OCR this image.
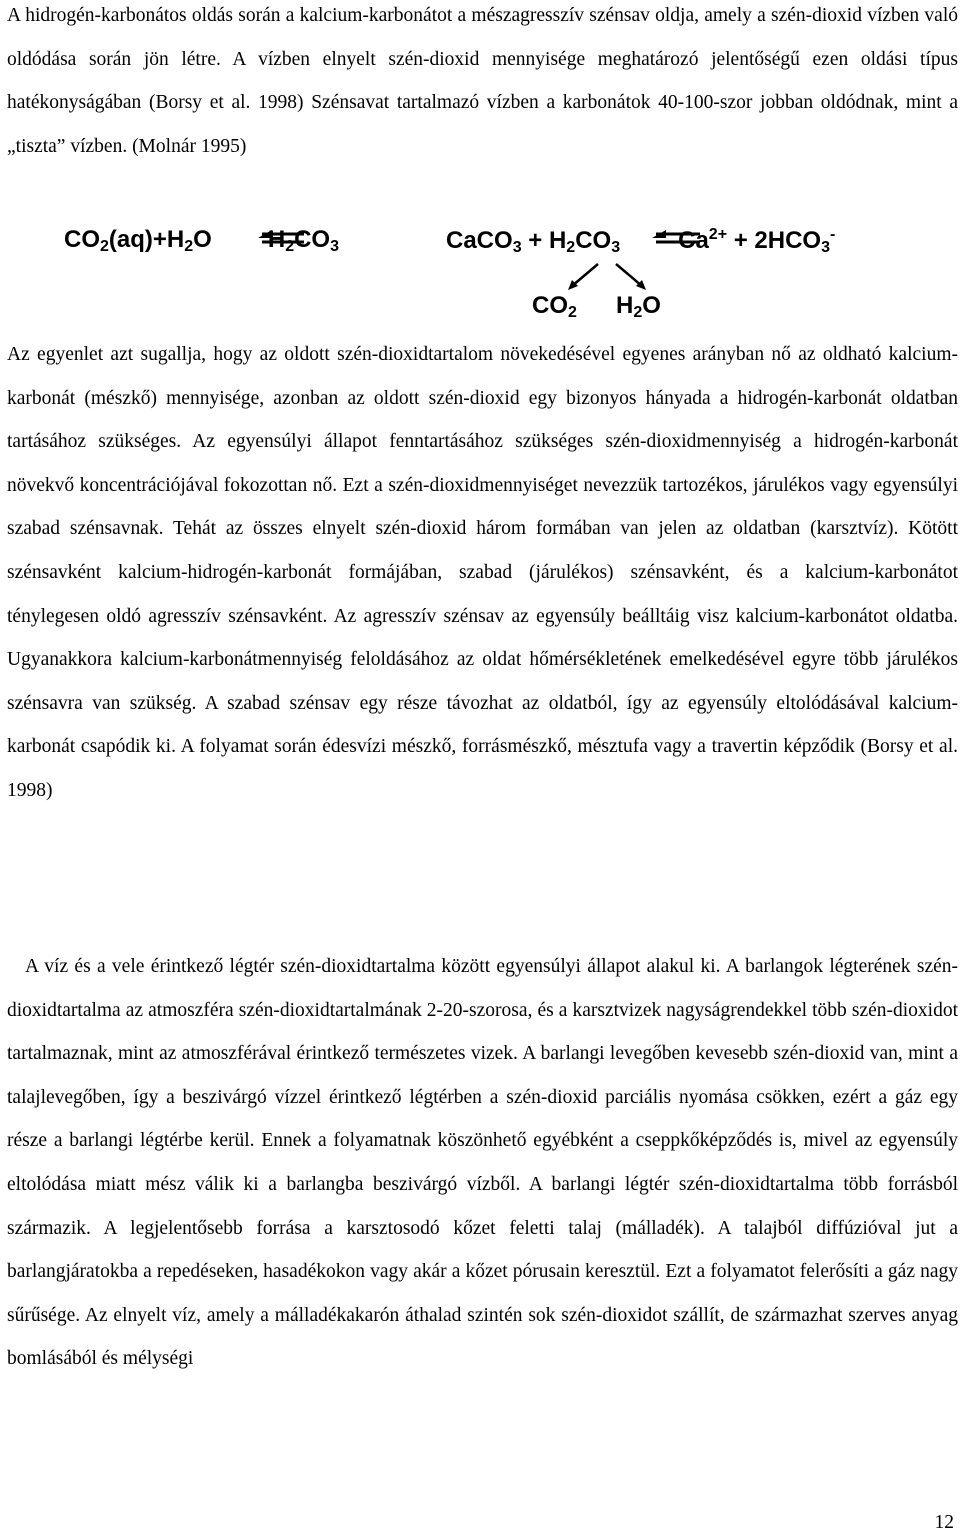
A hidrogén-karbonátos oldás során a kalcium-karbonátot a mészagresszív szénsav oldja, amely a szén-dioxid vízben való oldódása során jön létre. A vízben elnyelt szén-dioxid mennyisége meghatározó jelentőségű ezen oldási típus hatékonyságában (Borsy et al. 1998) Szénsavat tartalmazó vízben a karbonátok 40-100-szor jobban oldódnak, mint a „tiszta” vízben. (Molnár 1995)

$CO_2(aq)+H_2O$ $H_2CO_3$	CaCO$_3$ + $H_2CO_3$ $Ca^{2+} + 2HCO_3^-$
$CO_2$ $H_2O$

Az egyenlet azt sugallja, hogy az oldott szén-dioxidtartalom növekedésével egyenes arányban nő az oldható kalcium-karbonát (mészkő) mennyisége, azonban az oldott szén-dioxid egy bizonyos hányada a hidrogén-karbonát oldatban tartásához szükséges. Az egyensúlyi állapot fenntartásához szükséges szén-dioxidmennyiség a hidrogén-karbonát növekvő koncentrációjával fokozottan nő. Ezt a szén-dioxidmennyiséget nevezzük tartozékos, járulékos vagy egyensúlyi szabad szénsavnak. Tehát az összes elnyelt szén-dioxid három formában van jelen az oldatban (karsztvíz). Kötött szénsavként kalcium-hidrogén-karbonát formájában, szabad (járulékos) szénsavként, és a kalcium-karbonátot ténylegesen oldó agresszív szénsavként. Az agresszív szénsav az egyensúly beálltáig visz kalcium-karbonátot oldatba. Ugyanakkora kalcium-karbonátmennyiség feloldásához az oldat hőmérsékletének emelkedésével egyre több járulékos szénsavra van szükség. A szabad szénsav egy része távozhat az oldatból, így az egyensúly eltolódásával kalcium-karbonát csapódik ki. A folyamat során édesvízi mészkő, forrásmészkő, mésztufa vagy a travertin képződik (Borsy et al. 1998)

A víz és a vele érintkező légtér szén-dioxidtartalma között egyensúlyi állapot alakul ki. A barlangok légterének szén-dioxidtartalma az atmoszféra szén-dioxidtartalmának 2-20-szorosa, és a karsztvizek nagyságrendekkel több szén-dioxidot tartalmaznak, mint az atmoszférával érintkező természetes vizek. A barlangi levegőben kevesebb szén-dioxid van, mint a talajlevegőben, így a beszivárgó vízzel érintkező légtérben a szén-dioxid parciális nyomása csökken, ezért a gáz egy része a barlangi légtérbe kerül. Ennek a folyamatnak köszönhető egyébként a cseppkőképződés is, mivel az egyensúly eltolódása miatt mész válik ki a barlangba beszivárgó vízből. A barlangi légtér szén-dioxidtartalma több forrásból származik. A legjelentősebb forrása a karsztosodó kőzet feletti talaj (málladék). A talajból diffúzióval jut a barlangjáratokba a repedéseken, hasadékokon vagy akár a kőzet pórusain keresztül. Ezt a folyamatot felerősíti a gáz nagy sűrűsége. Az elnyelt víz, amely a málladékakarón áthalad szintén sok szén-dioxidot szállít, de származhat szerves anyag bomlásából és mélységi

12
